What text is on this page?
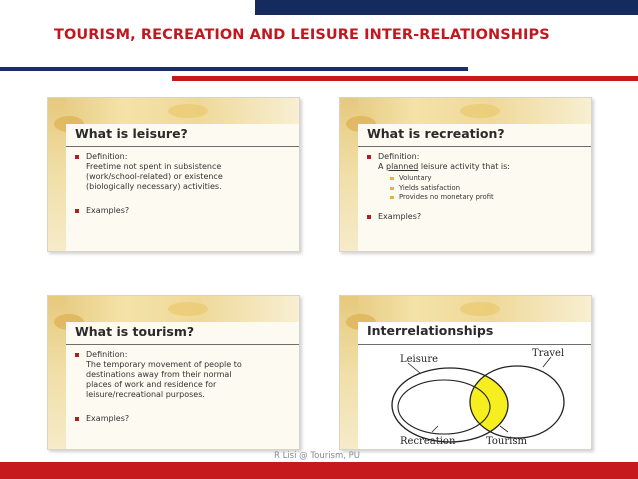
TOURISM, RECREATION AND LEISURE INTER-RELATIONSHIPS
What is leisure?
Definition:
Freetime not spent in subsistence
(work/school-related) or existence
(biologically necessary) activities.
Examples?
What is recreation?
Definition:
A planned leisure activity that is:
Voluntary
Yields satisfaction
Provides no monetary profit
Examples?
What is tourism?
Definition:
The temporary movement of people to
destinations away from their normal
places of work and residence for
leisure/recreational purposes.
Examples?
Interrelationships
Leisure
Travel
Recreation	Tourism
R Lisi @ Tourism, PU
